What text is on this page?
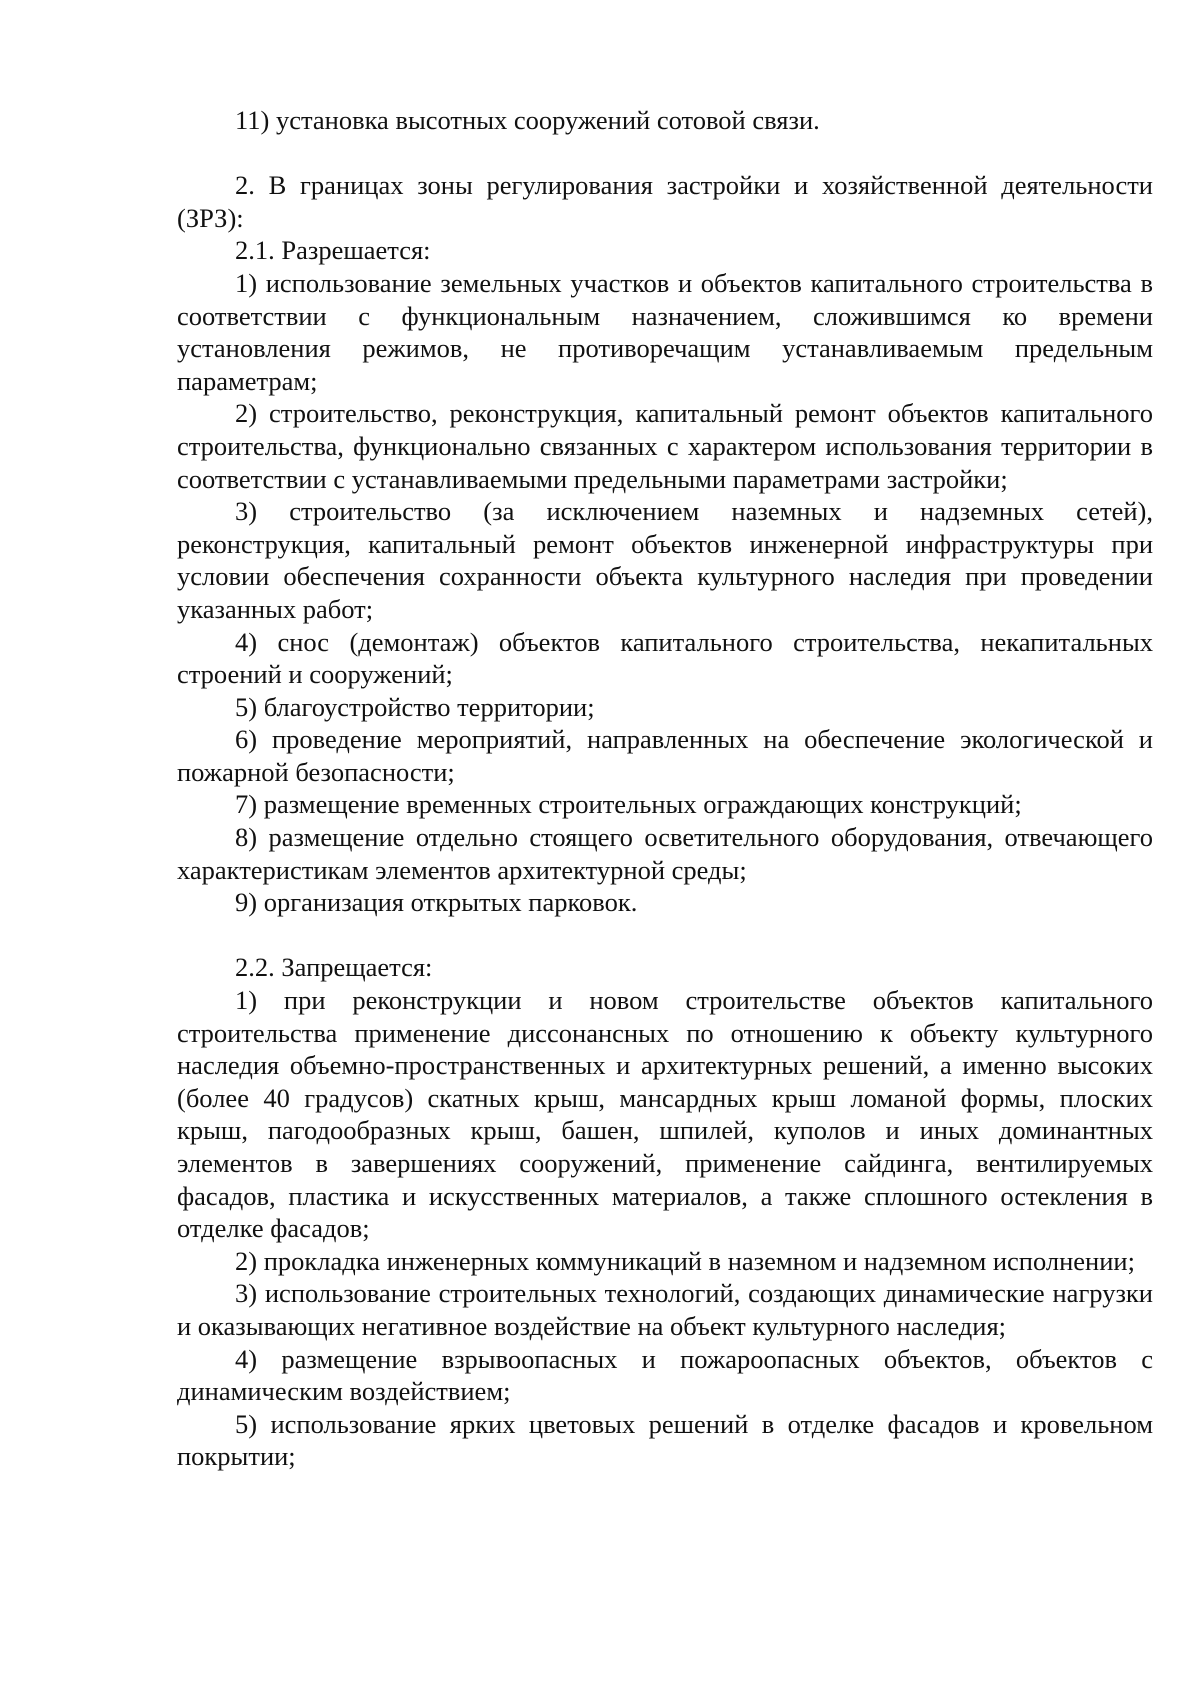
11) установка высотных сооружений сотовой связи.

2. В границах зоны регулирования застройки и хозяйственной деятельности (ЗРЗ):

2.1. Разрешается:

1) использование земельных участков и объектов капитального строительства в соответствии с функциональным назначением, сложившимся ко времени установления режимов, не противоречащим устанавливаемым предельным параметрам;

2) строительство, реконструкция, капитальный ремонт объектов капитального строительства, функционально связанных с характером использования территории в соответствии с устанавливаемыми предельными параметрами застройки;

3) строительство (за исключением наземных и надземных сетей), реконструкция, капитальный ремонт объектов инженерной инфраструктуры при условии обеспечения сохранности объекта культурного наследия при проведении указанных работ;

4) снос (демонтаж) объектов капитального строительства, некапитальных строений и сооружений;

5) благоустройство территории;

6) проведение мероприятий, направленных на обеспечение экологической и пожарной безопасности;

7) размещение временных строительных ограждающих конструкций;

8) размещение отдельно стоящего осветительного оборудования, отвечающего характеристикам элементов архитектурной среды;

9) организация открытых парковок.

2.2. Запрещается:

1) при реконструкции и новом строительстве объектов капитального строительства применение диссонансных по отношению к объекту культурного наследия объемно-пространственных и архитектурных решений, а именно высоких (более 40 градусов) скатных крыш, мансардных крыш ломаной формы, плоских крыш, пагодообразных крыш, башен, шпилей, куполов и иных доминантных элементов в завершениях сооружений, применение сайдинга, вентилируемых фасадов, пластика и искусственных материалов, а также сплошного остекления в отделке фасадов;

2) прокладка инженерных коммуникаций в наземном и надземном исполнении;

3) использование строительных технологий, создающих динамические нагрузки и оказывающих негативное воздействие на объект культурного наследия;

4) размещение взрывоопасных и пожароопасных объектов, объектов с динамическим воздействием;

5) использование ярких цветовых решений в отделке фасадов и кровельном покрытии;
